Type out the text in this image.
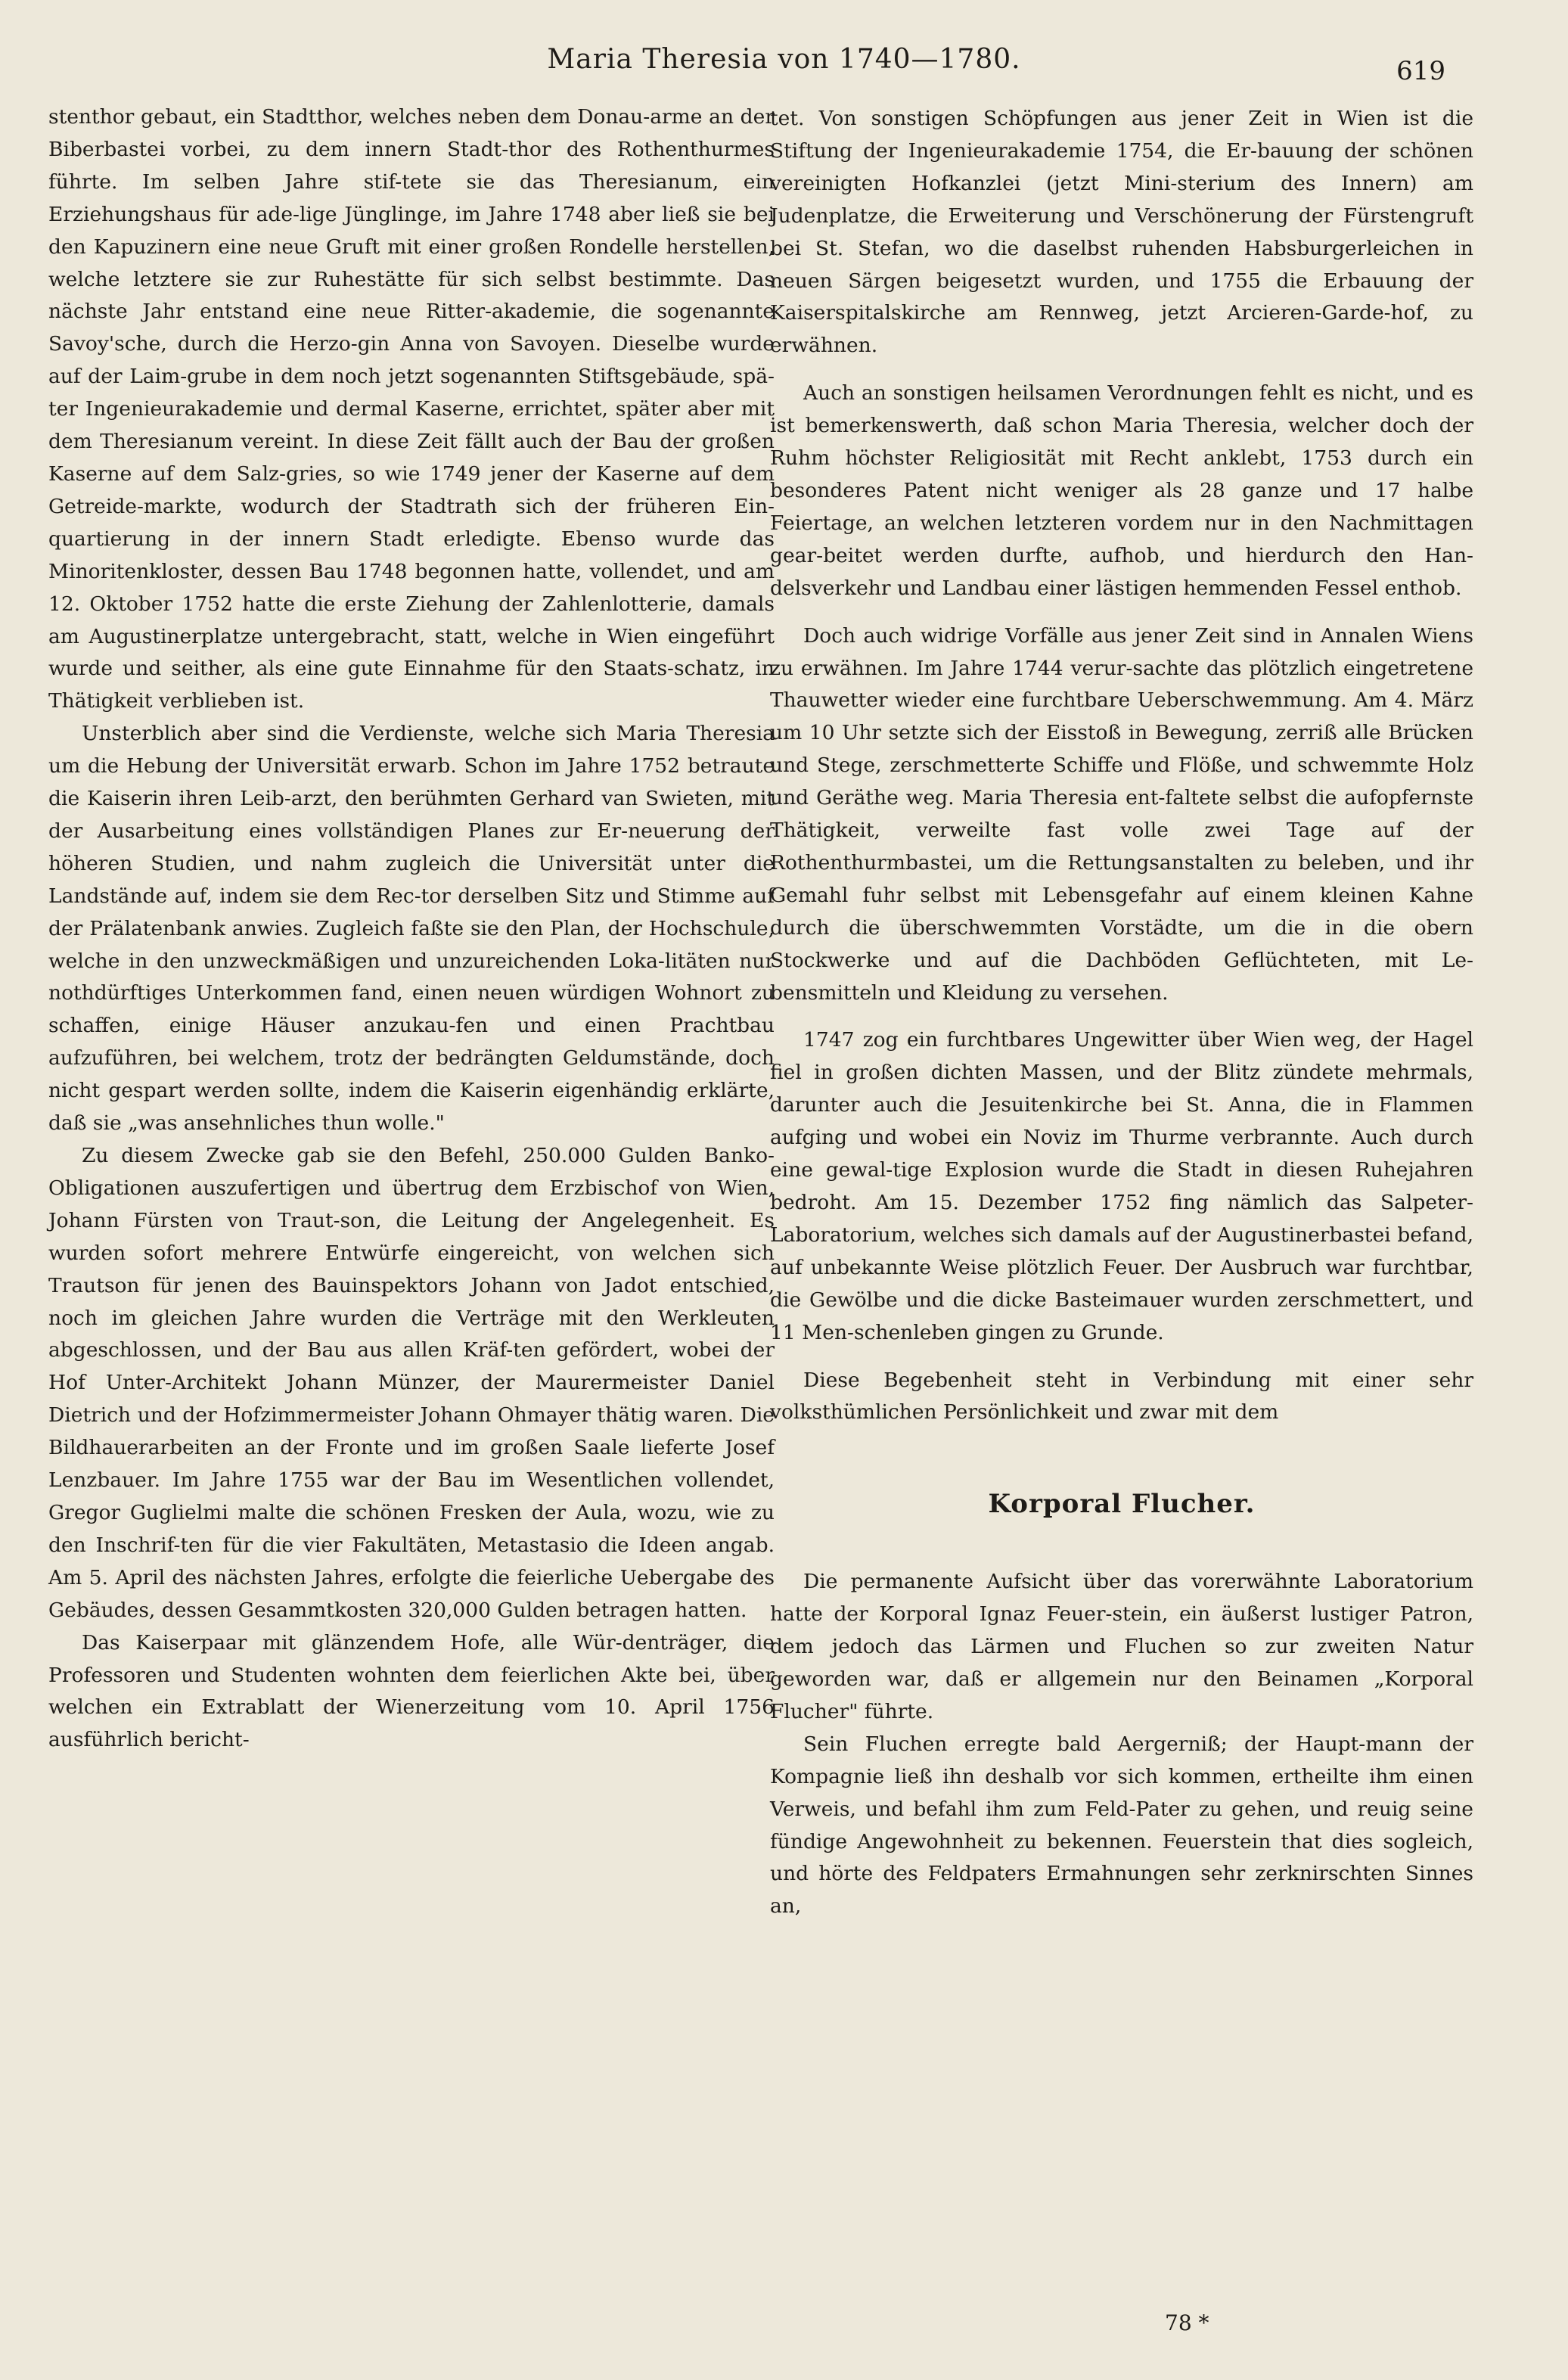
Maria Theresia von 1740—1780.	619

stenthor gebaut, ein Stadtthor, welches neben dem Donau-arme an der Biberbastei vorbei, zu dem innern Stadt-thor des Rothenthurmes führte. Im selben Jahre stif-tete sie das Theresianum, ein Erziehungshaus für ade-lige Jünglinge, im Jahre 1748 aber ließ sie bei den Kapuzinern eine neue Gruft mit einer großen Rondelle herstellen, welche letztere sie zur Ruhestätte für sich selbst bestimmte. Das nächste Jahr entstand eine neue Ritter-akademie, die sogenannte Savoy'sche, durch die Herzo-gin Anna von Savoyen. Dieselbe wurde auf der Laim-grube in dem noch jetzt sogenannten Stiftsgebäude, spä-ter Ingenieurakademie und dermal Kaserne, errichtet, später aber mit dem Theresianum vereint. In diese Zeit fällt auch der Bau der großen Kaserne auf dem Salz-gries, so wie 1749 jener der Kaserne auf dem Getreide-markte, wodurch der Stadtrath sich der früheren Ein-quartierung in der innern Stadt erledigte. Ebenso wurde das Minoritenkloster, dessen Bau 1748 begonnen hatte, vollendet, und am 12. Oktober 1752 hatte die erste Ziehung der Zahlenlotterie, damals am Augustinerplatze untergebracht, statt, welche in Wien eingeführt wurde und seither, als eine gute Einnahme für den Staats-schatz, in Thätigkeit verblieben ist.

Unsterblich aber sind die Verdienste, welche sich Maria Theresia um die Hebung der Universität erwarb. Schon im Jahre 1752 betraute die Kaiserin ihren Leib-arzt, den berühmten Gerhard van Swieten, mit der Ausarbeitung eines vollständigen Planes zur Er-neuerung der höheren Studien, und nahm zugleich die Universität unter die Landstände auf, indem sie dem Rec-tor derselben Sitz und Stimme auf der Prälatenbank anwies. Zugleich faßte sie den Plan, der Hochschule, welche in den unzweckmäßigen und unzureichenden Loka-litäten nur nothdürftiges Unterkommen fand, einen neuen würdigen Wohnort zu schaffen, einige Häuser anzukau-fen und einen Prachtbau aufzuführen, bei welchem, trotz der bedrängten Geldumstände, doch nicht gespart werden sollte, indem die Kaiserin eigenhändig erklärte, daß sie „was ansehnliches thun wolle."

Zu diesem Zwecke gab sie den Befehl, 250.000 Gulden Banko-Obligationen auszufertigen und übertrug dem Erzbischof von Wien, Johann Fürsten von Traut-son, die Leitung der Angelegenheit. Es wurden sofort mehrere Entwürfe eingereicht, von welchen sich Trautson für jenen des Bauinspektors Johann von Jadot entschied, noch im gleichen Jahre wurden die Verträge mit den Werkleuten abgeschlossen, und der Bau aus allen Kräf-ten gefördert, wobei der Hof Unter-Architekt Johann Münzer, der Maurermeister Daniel Dietrich und der Hofzimmermeister Johann Ohmayer thätig waren. Die Bildhauerarbeiten an der Fronte und im großen Saale lieferte Josef Lenzbauer. Im Jahre 1755 war der Bau im Wesentlichen vollendet, Gregor Guglielmi malte die schönen Fresken der Aula, wozu, wie zu den Inschrif-ten für die vier Fakultäten, Metastasio die Ideen angab. Am 5. April des nächsten Jahres, erfolgte die feierliche Uebergabe des Gebäudes, dessen Gesammtkosten 320,000 Gulden betragen hatten.

Das Kaiserpaar mit glänzendem Hofe, alle Wür-denträger, die Professoren und Studenten wohnten dem feierlichen Akte bei, über welchen ein Extrablatt der Wienerzeitung vom 10. April 1756 ausführlich bericht-

tet. Von sonstigen Schöpfungen aus jener Zeit in Wien ist die Stiftung der Ingenieurakademie 1754, die Er-bauung der schönen vereinigten Hofkanzlei (jetzt Mini-sterium des Innern) am Judenplatze, die Erweiterung und Verschönerung der Fürstengruft bei St. Stefan, wo die daselbst ruhenden Habsburgerleichen in neuen Särgen beigesetzt wurden, und 1755 die Erbauung der Kaiserspitalskirche am Rennweg, jetzt Arcieren-Garde-hof, zu erwähnen.

Auch an sonstigen heilsamen Verordnungen fehlt es nicht, und es ist bemerkenswerth, daß schon Maria Theresia, welcher doch der Ruhm höchster Religiosität mit Recht anklebt, 1753 durch ein besonderes Patent nicht weniger als 28 ganze und 17 halbe Feiertage, an welchen letzteren vordem nur in den Nachmittagen gear-beitet werden durfte, aufhob, und hierdurch den Han-delsverkehr und Landbau einer lästigen hemmenden Fessel enthob.

Doch auch widrige Vorfälle aus jener Zeit sind in Annalen Wiens zu erwähnen. Im Jahre 1744 verur-sachte das plötzlich eingetretene Thauwetter wieder eine furchtbare Ueberschwemmung. Am 4. März um 10 Uhr setzte sich der Eisstoß in Bewegung, zerriß alle Brücken und Stege, zerschmetterte Schiffe und Flöße, und schwemmte Holz und Geräthe weg. Maria Theresia ent-faltete selbst die aufopfernste Thätigkeit, verweilte fast volle zwei Tage auf der Rothenthurmbastei, um die Rettungsanstalten zu beleben, und ihr Gemahl fuhr selbst mit Lebensgefahr auf einem kleinen Kahne durch die überschwemmten Vorstädte, um die in die obern Stockwerke und auf die Dachböden Geflüchteten, mit Le-bensmitteln und Kleidung zu versehen.

1747 zog ein furchtbares Ungewitter über Wien weg, der Hagel fiel in großen dichten Massen, und der Blitz zündete mehrmals, darunter auch die Jesuitenkirche bei St. Anna, die in Flammen aufging und wobei ein Noviz im Thurme verbrannte. Auch durch eine gewal-tige Explosion wurde die Stadt in diesen Ruhejahren bedroht. Am 15. Dezember 1752 fing nämlich das Salpeter-Laboratorium, welches sich damals auf der Augustinerbastei befand, auf unbekannte Weise plötzlich Feuer. Der Ausbruch war furchtbar, die Gewölbe und die dicke Basteimauer wurden zerschmettert, und 11 Men-schenleben gingen zu Grunde.

Diese Begebenheit steht in Verbindung mit einer sehr volksthümlichen Persönlichkeit und zwar mit dem

Korporal Flucher.

Die permanente Aufsicht über das vorerwähnte Laboratorium hatte der Korporal Ignaz Feuer-stein, ein äußerst lustiger Patron, dem jedoch das Lärmen und Fluchen so zur zweiten Natur geworden war, daß er allgemein nur den Beinamen „Korporal Flucher" führte.

Sein Fluchen erregte bald Aergerniß; der Haupt-mann der Kompagnie ließ ihn deshalb vor sich kommen, ertheilte ihm einen Verweis, und befahl ihm zum Feld-Pater zu gehen, und reuig seine fündige Angewohnheit zu bekennen. Feuerstein that dies sogleich, und hörte des Feldpaters Ermahnungen sehr zerknirschten Sinnes an,

78 *
